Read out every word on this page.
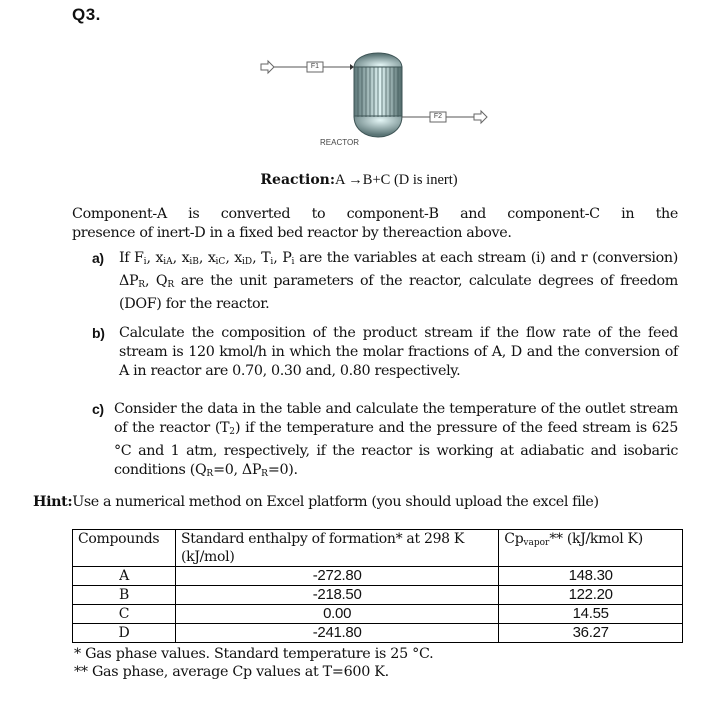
Q3.
F1
F2
REACTOR
Reaction:A →B+C (D is inert)
Component-A is converted to component-B and component-C in the
presence of inert-D in a fixed bed reactor by thereaction above.
a) If $F_i$, $x_{iA}$, $x_{iB}$, $x_{iC}$, $x_{iD}$, $T_i$, $P_i$ are the variables at each stream (i) and r (conversion) $\Delta P_R$, $Q_R$ are the unit parameters of the reactor, calculate degrees of freedom (DOF) for the reactor.
b) Calculate the composition of the product stream if the flow rate of the feed stream is 120 kmol/h in which the molar fractions of A, D and the conversion of A in reactor are 0.70, 0.30 and, 0.80 respectively.
c) Consider the data in the table and calculate the temperature of the outlet stream of the reactor $(T_2)$ if the temperature and the pressure of the feed stream is 625 °C and 1 atm, respectively, if the reactor is working at adiabatic and isobaric conditions ($Q_R=0$, $\Delta P_R=0$).
Hint:Use a numerical method on Excel platform (you should upload the excel file)
Compounds	Standard enthalpy of formation* at 298 K (kJ/mol)	$Cp_{vapor}**$ (kJ/kmol K)
A	-272.80	148.30
B	-218.50	122.20
C	0.00	14.55
D	-241.80	36.27
* Gas phase values. Standard temperature is 25 °C.
** Gas phase, average Cp values at T=600 K.
